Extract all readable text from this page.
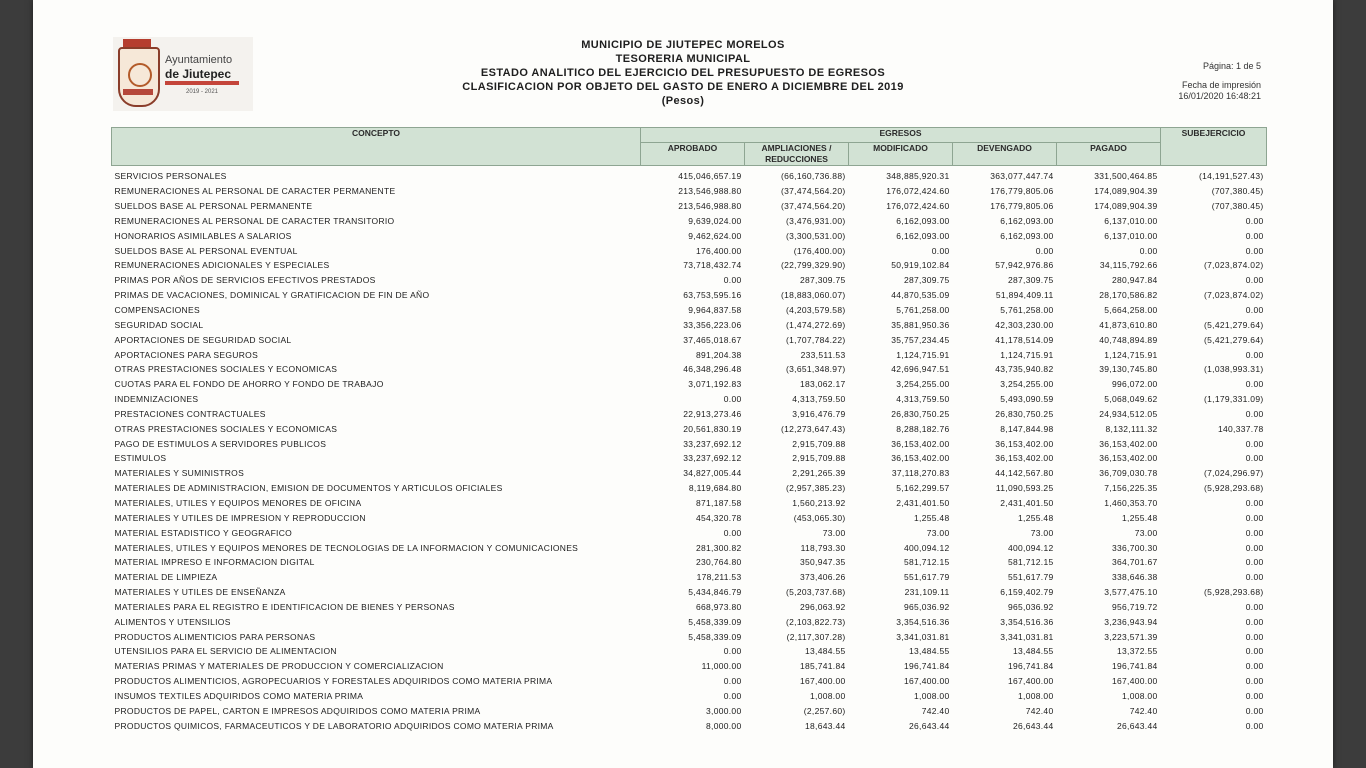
Ayuntamiento
de Jiutepec
2019 - 2021
MUNICIPIO DE JIUTEPEC MORELOS
TESORERIA MUNICIPAL
ESTADO ANALITICO DEL EJERCICIO DEL PRESUPUESTO DE EGRESOS
CLASIFICACION POR OBJETO DEL GASTO DE ENERO A DICIEMBRE DEL 2019
(Pesos)
Página: 1 de 5
Fecha de impresión
16/01/2020 16:48:21
CONCEPTO	EGRESOS					SUBEJERCICIO
	APROBADO	AMPLIACIONES / REDUCCIONES	MODIFICADO	DEVENGADO	PAGADO	
SERVICIOS PERSONALES	415,046,657.19	(66,160,736.88)	348,885,920.31	363,077,447.74	331,500,464.85	(14,191,527.43)
REMUNERACIONES AL PERSONAL DE CARACTER PERMANENTE	213,546,988.80	(37,474,564.20)	176,072,424.60	176,779,805.06	174,089,904.39	(707,380.45)
SUELDOS BASE AL PERSONAL PERMANENTE	213,546,988.80	(37,474,564.20)	176,072,424.60	176,779,805.06	174,089,904.39	(707,380.45)
REMUNERACIONES AL PERSONAL DE CARACTER TRANSITORIO	9,639,024.00	(3,476,931.00)	6,162,093.00	6,162,093.00	6,137,010.00	0.00
HONORARIOS ASIMILABLES A SALARIOS	9,462,624.00	(3,300,531.00)	6,162,093.00	6,162,093.00	6,137,010.00	0.00
SUELDOS BASE AL PERSONAL EVENTUAL	176,400.00	(176,400.00)	0.00	0.00	0.00	0.00
REMUNERACIONES ADICIONALES Y ESPECIALES	73,718,432.74	(22,799,329.90)	50,919,102.84	57,942,976.86	34,115,792.66	(7,023,874.02)
PRIMAS POR AÑOS DE SERVICIOS EFECTIVOS PRESTADOS	0.00	287,309.75	287,309.75	287,309.75	280,947.84	0.00
PRIMAS DE VACACIONES, DOMINICAL Y GRATIFICACION DE FIN DE AÑO	63,753,595.16	(18,883,060.07)	44,870,535.09	51,894,409.11	28,170,586.82	(7,023,874.02)
COMPENSACIONES	9,964,837.58	(4,203,579.58)	5,761,258.00	5,761,258.00	5,664,258.00	0.00
SEGURIDAD SOCIAL	33,356,223.06	(1,474,272.69)	35,881,950.36	42,303,230.00	41,873,610.80	(5,421,279.64)
APORTACIONES DE SEGURIDAD SOCIAL	37,465,018.67	(1,707,784.22)	35,757,234.45	41,178,514.09	40,748,894.89	(5,421,279.64)
APORTACIONES PARA SEGUROS	891,204.38	233,511.53	1,124,715.91	1,124,715.91	1,124,715.91	0.00
OTRAS PRESTACIONES SOCIALES Y ECONOMICAS	46,348,296.48	(3,651,348.97)	42,696,947.51	43,735,940.82	39,130,745.80	(1,038,993.31)
CUOTAS PARA EL FONDO DE AHORRO Y FONDO DE TRABAJO	3,071,192.83	183,062.17	3,254,255.00	3,254,255.00	996,072.00	0.00
INDEMNIZACIONES	0.00	4,313,759.50	4,313,759.50	5,493,090.59	5,068,049.62	(1,179,331.09)
PRESTACIONES CONTRACTUALES	22,913,273.46	3,916,476.79	26,830,750.25	26,830,750.25	24,934,512.05	0.00
OTRAS PRESTACIONES SOCIALES Y ECONOMICAS	20,561,830.19	(12,273,647.43)	8,288,182.76	8,147,844.98	8,132,111.32	140,337.78
PAGO DE ESTIMULOS A SERVIDORES PUBLICOS	33,237,692.12	2,915,709.88	36,153,402.00	36,153,402.00	36,153,402.00	0.00
ESTIMULOS	33,237,692.12	2,915,709.88	36,153,402.00	36,153,402.00	36,153,402.00	0.00
MATERIALES Y SUMINISTROS	34,827,005.44	2,291,265.39	37,118,270.83	44,142,567.80	36,709,030.78	(7,024,296.97)
MATERIALES DE ADMINISTRACION, EMISION DE DOCUMENTOS Y ARTICULOS OFICIALES	8,119,684.80	(2,957,385.23)	5,162,299.57	11,090,593.25	7,156,225.35	(5,928,293.68)
MATERIALES, UTILES Y EQUIPOS MENORES DE OFICINA	871,187.58	1,560,213.92	2,431,401.50	2,431,401.50	1,460,353.70	0.00
MATERIALES Y UTILES DE IMPRESION Y REPRODUCCION	454,320.78	(453,065.30)	1,255.48	1,255.48	1,255.48	0.00
MATERIAL ESTADISTICO Y GEOGRAFICO	0.00	73.00	73.00	73.00	73.00	0.00
MATERIALES, UTILES Y EQUIPOS MENORES DE TECNOLOGIAS DE LA INFORMACION Y COMUNICACIONES	281,300.82	118,793.30	400,094.12	400,094.12	336,700.30	0.00
MATERIAL IMPRESO E INFORMACION DIGITAL	230,764.80	350,947.35	581,712.15	581,712.15	364,701.67	0.00
MATERIAL DE LIMPIEZA	178,211.53	373,406.26	551,617.79	551,617.79	338,646.38	0.00
MATERIALES Y UTILES DE ENSEÑANZA	5,434,846.79	(5,203,737.68)	231,109.11	6,159,402.79	3,577,475.10	(5,928,293.68)
MATERIALES PARA EL REGISTRO E IDENTIFICACION DE BIENES Y PERSONAS	668,973.80	296,063.92	965,036.92	965,036.92	956,719.72	0.00
ALIMENTOS Y UTENSILIOS	5,458,339.09	(2,103,822.73)	3,354,516.36	3,354,516.36	3,236,943.94	0.00
PRODUCTOS ALIMENTICIOS PARA PERSONAS	5,458,339.09	(2,117,307.28)	3,341,031.81	3,341,031.81	3,223,571.39	0.00
UTENSILIOS PARA EL SERVICIO DE ALIMENTACION	0.00	13,484.55	13,484.55	13,484.55	13,372.55	0.00
MATERIAS PRIMAS Y MATERIALES DE PRODUCCION Y COMERCIALIZACION	11,000.00	185,741.84	196,741.84	196,741.84	196,741.84	0.00
PRODUCTOS ALIMENTICIOS, AGROPECUARIOS Y FORESTALES ADQUIRIDOS COMO MATERIA PRIMA	0.00	167,400.00	167,400.00	167,400.00	167,400.00	0.00
INSUMOS TEXTILES ADQUIRIDOS COMO MATERIA PRIMA	0.00	1,008.00	1,008.00	1,008.00	1,008.00	0.00
PRODUCTOS DE PAPEL, CARTON E IMPRESOS ADQUIRIDOS COMO MATERIA PRIMA	3,000.00	(2,257.60)	742.40	742.40	742.40	0.00
PRODUCTOS QUIMICOS, FARMACEUTICOS Y DE LABORATORIO ADQUIRIDOS COMO MATERIA PRIMA	8,000.00	18,643.44	26,643.44	26,643.44	26,643.44	0.00
